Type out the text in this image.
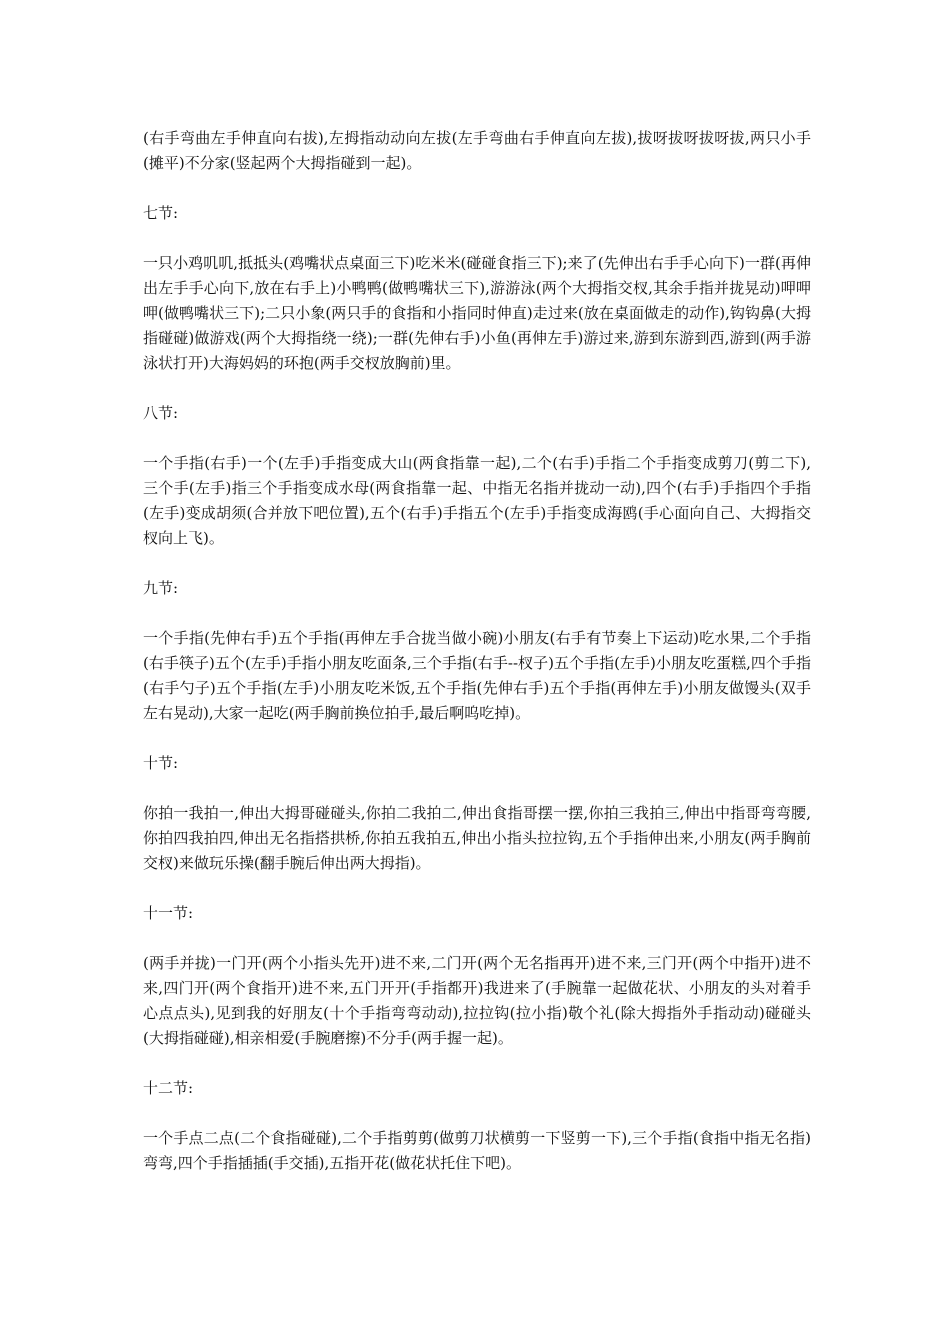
(右手弯曲左手伸直向右拔),左拇指动动向左拔(左手弯曲右手伸直向左拔),拔呀拔呀拔呀拔,两只小手(摊平)不分家(竖起两个大拇指碰到一起)。

七节:

一只小鸡叽叽,抵抵头(鸡嘴状点桌面三下)吃米米(碰碰食指三下);来了(先伸出右手手心向下)一群(再伸出左手手心向下,放在右手上)小鸭鸭(做鸭嘴状三下),游游泳(两个大拇指交杈,其余手指并拢晃动)呷呷呷(做鸭嘴状三下);二只小象(两只手的食指和小指同时伸直)走过来(放在桌面做走的动作),钩钩鼻(大拇指碰碰)做游戏(两个大拇指绕一绕);一群(先伸右手)小鱼(再伸左手)游过来,游到东游到西,游到(两手游泳状打开)大海妈妈的环抱(两手交杈放胸前)里。

八节:

一个手指(右手)一个(左手)手指变成大山(两食指靠一起),二个(右手)手指二个手指变成剪刀(剪二下),三个手(左手)指三个手指变成水母(两食指靠一起、中指无名指并拢动一动),四个(右手)手指四个手指(左手)变成胡须(合并放下吧位置),五个(右手)手指五个(左手)手指变成海鸥(手心面向自己、大拇指交杈向上飞)。

九节:

一个手指(先伸右手)五个手指(再伸左手合拢当做小碗)小朋友(右手有节奏上下运动)吃水果,二个手指(右手筷子)五个(左手)手指小朋友吃面条,三个手指(右手--杈子)五个手指(左手)小朋友吃蛋糕,四个手指(右手勺子)五个手指(左手)小朋友吃米饭,五个手指(先伸右手)五个手指(再伸左手)小朋友做馒头(双手左右晃动),大家一起吃(两手胸前换位拍手,最后啊呜吃掉)。

十节:

你拍一我拍一,伸出大拇哥碰碰头,你拍二我拍二,伸出食指哥摆一摆,你拍三我拍三,伸出中指哥弯弯腰,你拍四我拍四,伸出无名指搭拱桥,你拍五我拍五,伸出小指头拉拉钩,五个手指伸出来,小朋友(两手胸前交杈)来做玩乐操(翻手腕后伸出两大拇指)。

十一节:

(两手并拢)一门开(两个小指头先开)进不来,二门开(两个无名指再开)进不来,三门开(两个中指开)进不来,四门开(两个食指开)进不来,五门开开(手指都开)我进来了(手腕靠一起做花状、小朋友的头对着手心点点头),见到我的好朋友(十个手指弯弯动动),拉拉钩(拉小指)敬个礼(除大拇指外手指动动)碰碰头(大拇指碰碰),相亲相爱(手腕磨擦)不分手(两手握一起)。

十二节:

一个手点二点(二个食指碰碰),二个手指剪剪(做剪刀状横剪一下竖剪一下),三个手指(食指中指无名指)弯弯,四个手指插插(手交插),五指开花(做花状托住下吧)。
